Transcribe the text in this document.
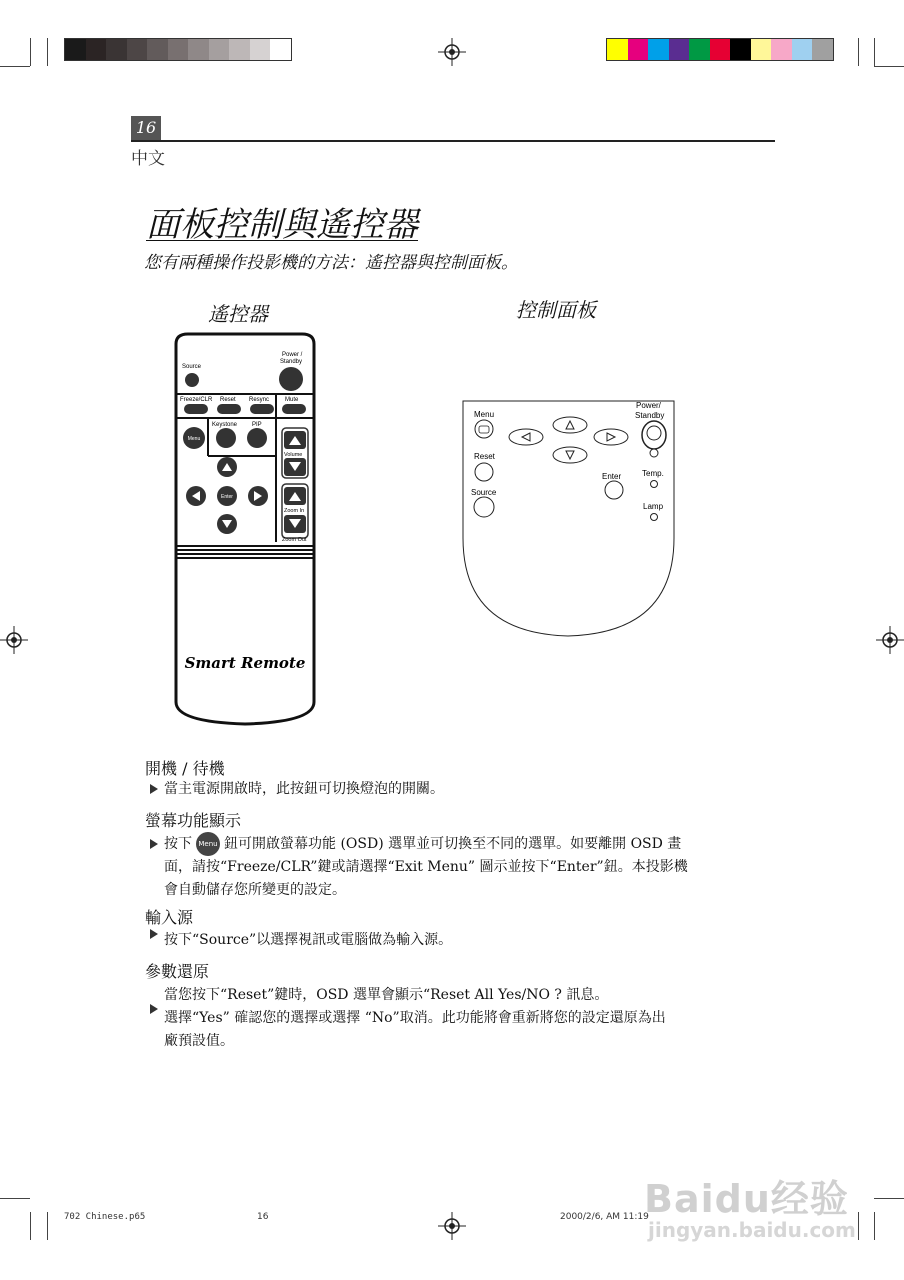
16
中文
面板控制與遙控器
您有兩種操作投影機的方法：遙控器與控制面板。
遙控器	控制面板
Source
Power /
Standby
Freeze/CLR Reset Resync	Mute
Keystone PIP
Menu
Volume
Enter
Zoom In
Zoom Out
Smart Remote
Menu
Reset
Source
Power/
Standby
Enter	Temp.
Lamp
開機 / 待機
當主電源開啟時，此按鈕可切換燈泡的開關。
螢幕功能顯示
按下 Menu 鈕可開啟螢幕功能 (OSD) 選單並可切換至不同的選單。如要離開 OSD 畫
面，請按“Freeze/CLR”鍵或請選擇“Exit Menu” 圖示並按下“Enter”鈕。本投影機
會自動儲存您所變更的設定。
輸入源
按下“Source”以選擇視訊或電腦做為輸入源。
參數還原
當您按下“Reset”鍵時，OSD 選單會顯示“Reset All Yes/NO ? 訊息。
選擇“Yes” 確認您的選擇或選擇 “No”取消。此功能將會重新將您的設定還原為出
廠預設值。
702 Chinese.p65	16	2000/2/6, AM 11:19
Baidu经验
jingyan.baidu.com
